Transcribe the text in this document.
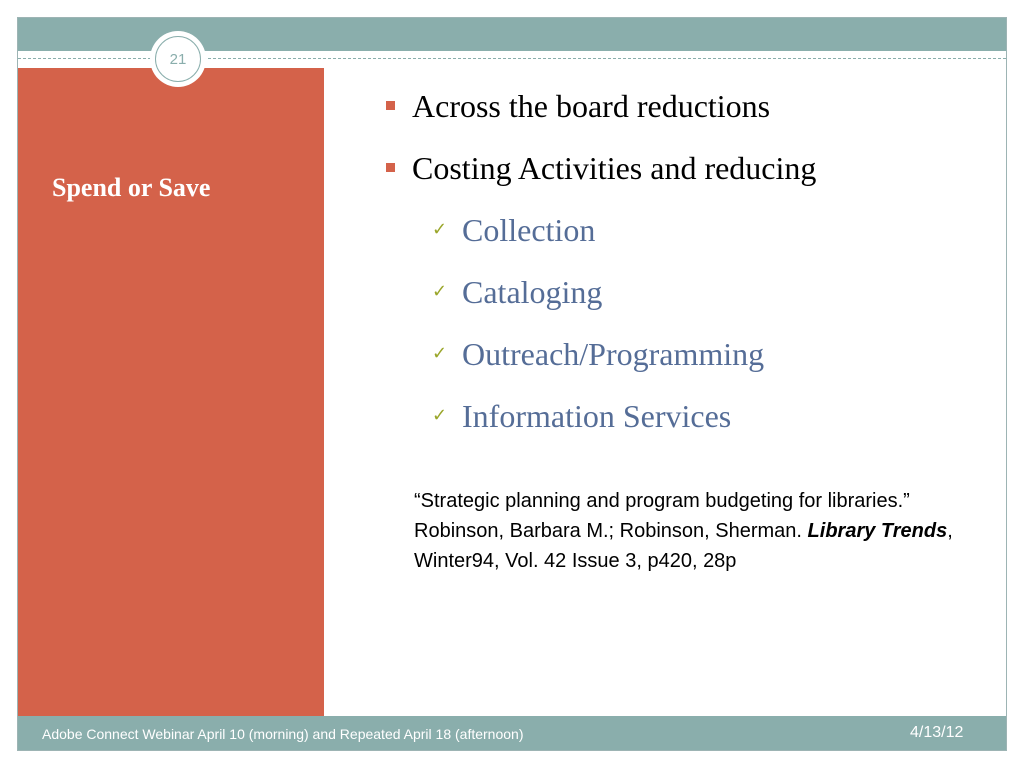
Spend or Save
21
Across the board reductions
Costing Activities and reducing
✓ Collection
✓ Cataloging
✓ Outreach/Programming
✓ Information Services
“Strategic planning and program budgeting for libraries.” Robinson, Barbara M.; Robinson, Sherman. Library Trends, Winter94, Vol. 42 Issue 3, p420, 28p
Adobe Connect Webinar April 10 (morning) and Repeated April 18 (afternoon)	4/13/12
